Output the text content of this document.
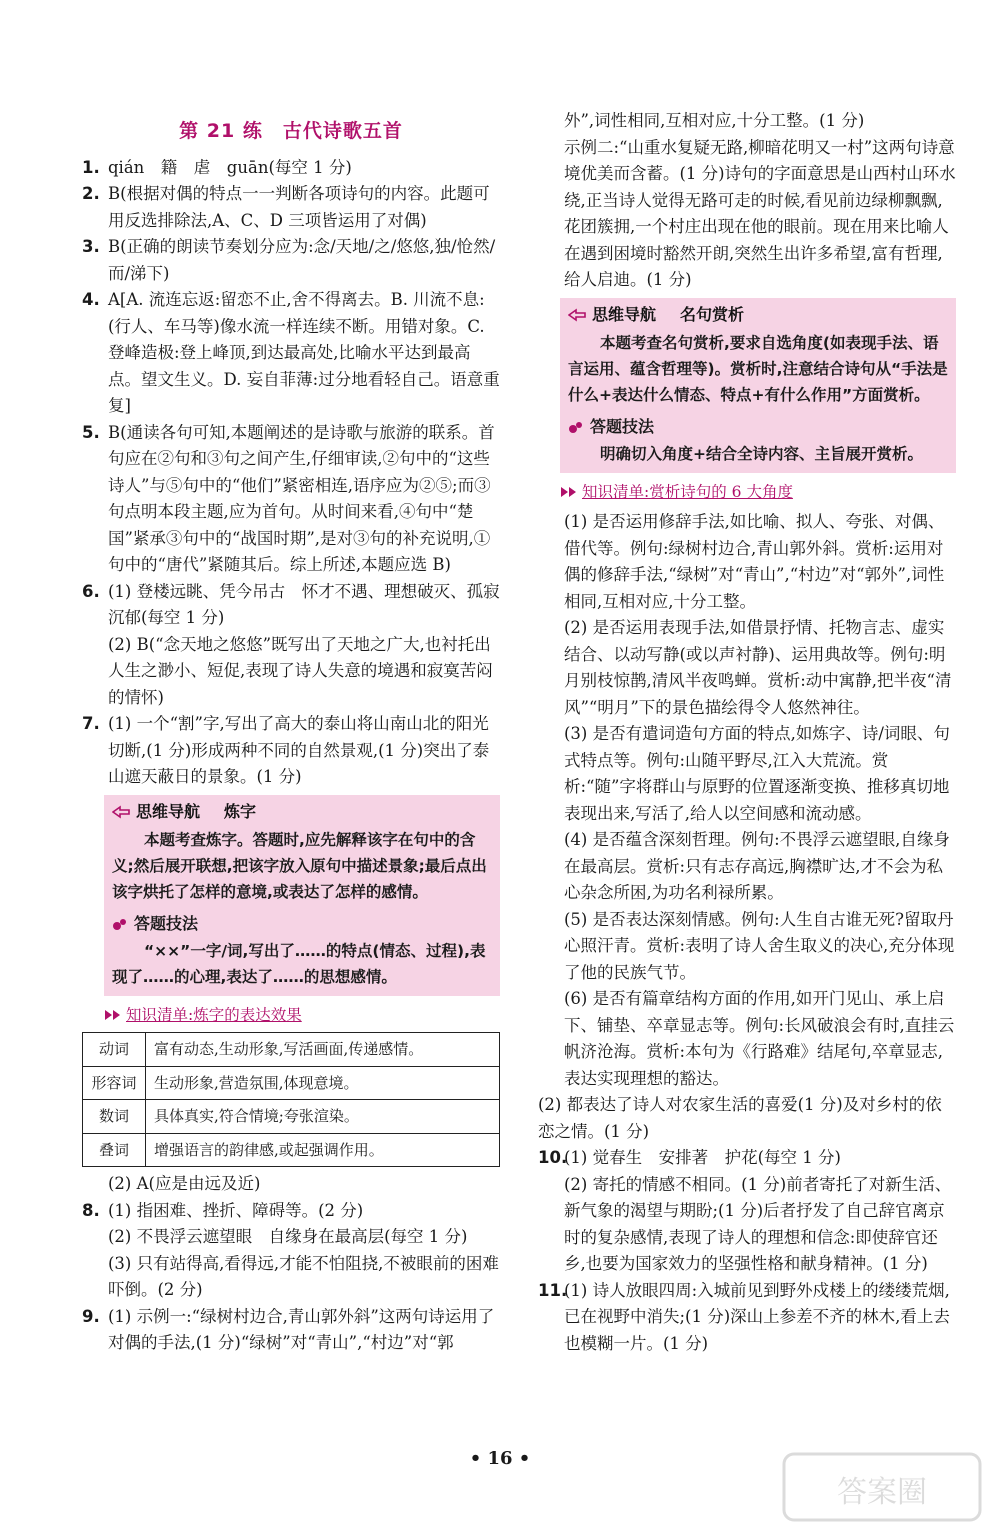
第 21 练　古代诗歌五首
1. qián　籍　虐　guān(每空 1 分)
2. B(根据对偶的特点一一判断各项诗句的内容。此题可用反选排除法,A、C、D 三项皆运用了对偶)
3. B(正确的朗读节奏划分应为:念/天地/之/悠悠,独/怆然/而/涕下)
4. A[A. 流连忘返:留恋不止,舍不得离去。B. 川流不息:(行人、车马等)像水流一样连续不断。用错对象。C. 登峰造极:登上峰顶,到达最高处,比喻水平达到最高点。望文生义。D. 妄自菲薄:过分地看轻自己。语意重复]
5. B(通读各句可知,本题阐述的是诗歌与旅游的联系。首句应在②句和③句之间产生,仔细审读,②句中的“这些诗人”与⑤句中的“他们”紧密相连,语序应为②⑤;而③句点明本段主题,应为首句。从时间来看,④句中“楚国”紧承③句中的“战国时期”,是对③句的补充说明,①句中的“唐代”紧随其后。综上所述,本题应选 B)
6. (1) 登楼远眺、凭今吊古　怀才不遇、理想破灭、孤寂沉郁(每空 1 分)
(2) B(“念天地之悠悠”既写出了天地之广大,也衬托出人生之渺小、短促,表现了诗人失意的境遇和寂寞苦闷的情怀)
7. (1) 一个“割”字,写出了高大的泰山将山南山北的阳光切断,(1 分)形成两种不同的自然景观,(1 分)突出了泰山遮天蔽日的景象。(1 分)
思维导航 炼字
本题考查炼字。答题时,应先解释该字在句中的含义;然后展开联想,把该字放入原句中描述景象;最后点出该字烘托了怎样的意境,或表达了怎样的感情。
答题技法
“××”一字/词,写出了……的特点(情态、过程),表现了……的心理,表达了……的思想感情。
知识清单:炼字的表达效果
动词	富有动态,生动形象,写活画面,传递感情。
形容词	生动形象,营造氛围,体现意境。
数词	具体真实,符合情境;夸张渲染。
叠词	增强语言的韵律感,或起强调作用。
(2) A(应是由远及近)
8. (1) 指困难、挫折、障碍等。(2 分)
(2) 不畏浮云遮望眼　自缘身在最高层(每空 1 分)
(3) 只有站得高,看得远,才能不怕阻挠,不被眼前的困难吓倒。(2 分)
9. (1) 示例一:“绿树村边合,青山郭外斜”这两句诗运用了对偶的手法,(1 分)“绿树”对“青山”,“村边”对“郭
外”,词性相同,互相对应,十分工整。(1 分)
示例二:“山重水复疑无路,柳暗花明又一村”这两句诗意境优美而含蓄。(1 分)诗句的字面意思是山西村山环水绕,正当诗人觉得无路可走的时候,看见前边绿柳飘飘,花团簇拥,一个村庄出现在他的眼前。现在用来比喻人在遇到困境时豁然开朗,突然生出许多希望,富有哲理,给人启迪。(1 分)
思维导航 名句赏析
本题考查名句赏析,要求自选角度(如表现手法、语言运用、蕴含哲理等)。赏析时,注意结合诗句从“手法是什么+表达什么情态、特点+有什么作用”方面赏析。
答题技法
明确切入角度+结合全诗内容、主旨展开赏析。
知识清单:赏析诗句的 6 大角度
(1) 是否运用修辞手法,如比喻、拟人、夸张、对偶、借代等。例句:绿树村边合,青山郭外斜。赏析:运用对偶的修辞手法,“绿树”对“青山”,“村边”对“郭外”,词性相同,互相对应,十分工整。
(2) 是否运用表现手法,如借景抒情、托物言志、虚实结合、以动写静(或以声衬静)、运用典故等。例句:明月别枝惊鹊,清风半夜鸣蝉。赏析:动中寓静,把半夜“清风”“明月”下的景色描绘得令人悠然神往。
(3) 是否有遣词造句方面的特点,如炼字、诗/词眼、句式特点等。例句:山随平野尽,江入大荒流。赏析:“随”字将群山与原野的位置逐渐变换、推移真切地表现出来,写活了,给人以空间感和流动感。
(4) 是否蕴含深刻哲理。例句:不畏浮云遮望眼,自缘身在最高层。赏析:只有志存高远,胸襟旷达,才不会为私心杂念所困,为功名利禄所累。
(5) 是否表达深刻情感。例句:人生自古谁无死?留取丹心照汗青。赏析:表明了诗人舍生取义的决心,充分体现了他的民族气节。
(6) 是否有篇章结构方面的作用,如开门见山、承上启下、铺垫、卒章显志等。例句:长风破浪会有时,直挂云帆济沧海。赏析:本句为《行路难》结尾句,卒章显志,表达实现理想的豁达。
(2) 都表达了诗人对农家生活的喜爱(1 分)及对乡村的依恋之情。(1 分)
10.
(1) 觉春生　安排著　护花(每空 1 分)
(2) 寄托的情感不相同。(1 分)前者寄托了对新生活、新气象的渴望与期盼;(1 分)后者抒发了自己辞官离京时的复杂感情,表现了诗人的理想和信念:即使辞官还乡,也要为国家效力的坚强性格和献身精神。(1 分)
11.
(1) 诗人放眼四周:入城前见到野外戍楼上的缕缕荒烟,已在视野中消失;(1 分)深山上参差不齐的林木,看上去也模糊一片。(1 分)
• 16 •
答案圈
